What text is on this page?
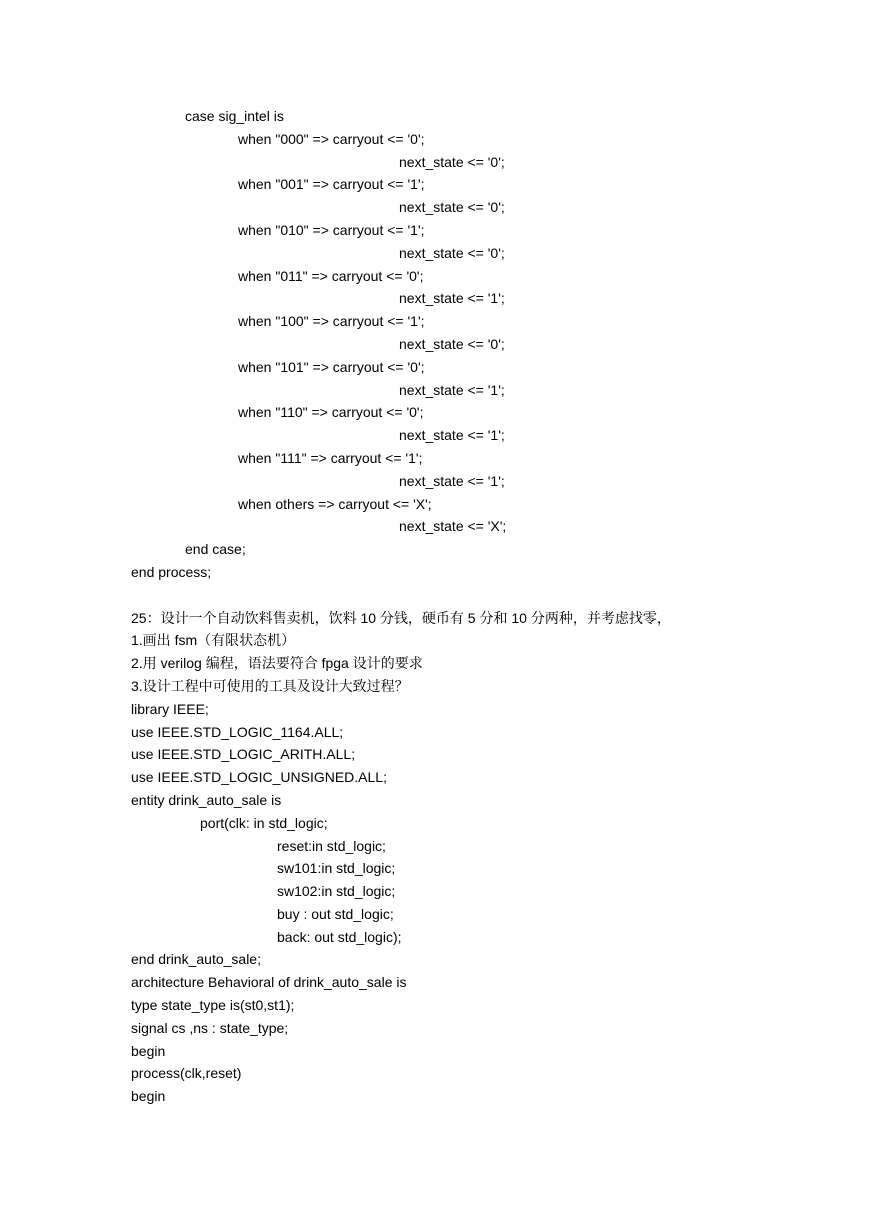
case sig_intel is
when "000" => carryout <= '0';
next_state <= '0';
when "001" => carryout <= '1';
next_state <= '0';
when "010" => carryout <= '1';
next_state <= '0';
when "011" => carryout <= '0';
next_state <= '1';
when "100" => carryout <= '1';
next_state <= '0';
when "101" => carryout <= '0';
next_state <= '1';
when "110" => carryout <= '0';
next_state <= '1';
when "111" => carryout <= '1';
next_state <= '1';
when others => carryout <= 'X';
next_state <= 'X';
end case;
end process;
25：设计一个自动饮料售卖机，饮料 10 分钱，硬币有 5 分和 10 分两种，并考虑找零，
1.画出 fsm（有限状态机）
2.用 verilog 编程，语法要符合 fpga 设计的要求
3.设计工程中可使用的工具及设计大致过程？
library IEEE;
use IEEE.STD_LOGIC_1164.ALL;
use IEEE.STD_LOGIC_ARITH.ALL;
use IEEE.STD_LOGIC_UNSIGNED.ALL;
entity drink_auto_sale is
port(clk: in std_logic;
reset:in std_logic;
sw101:in std_logic;
sw102:in std_logic;
buy : out std_logic;
back: out std_logic);
end drink_auto_sale;
architecture Behavioral of drink_auto_sale is
type state_type is(st0,st1);
signal cs ,ns : state_type;
begin
process(clk,reset)
begin
